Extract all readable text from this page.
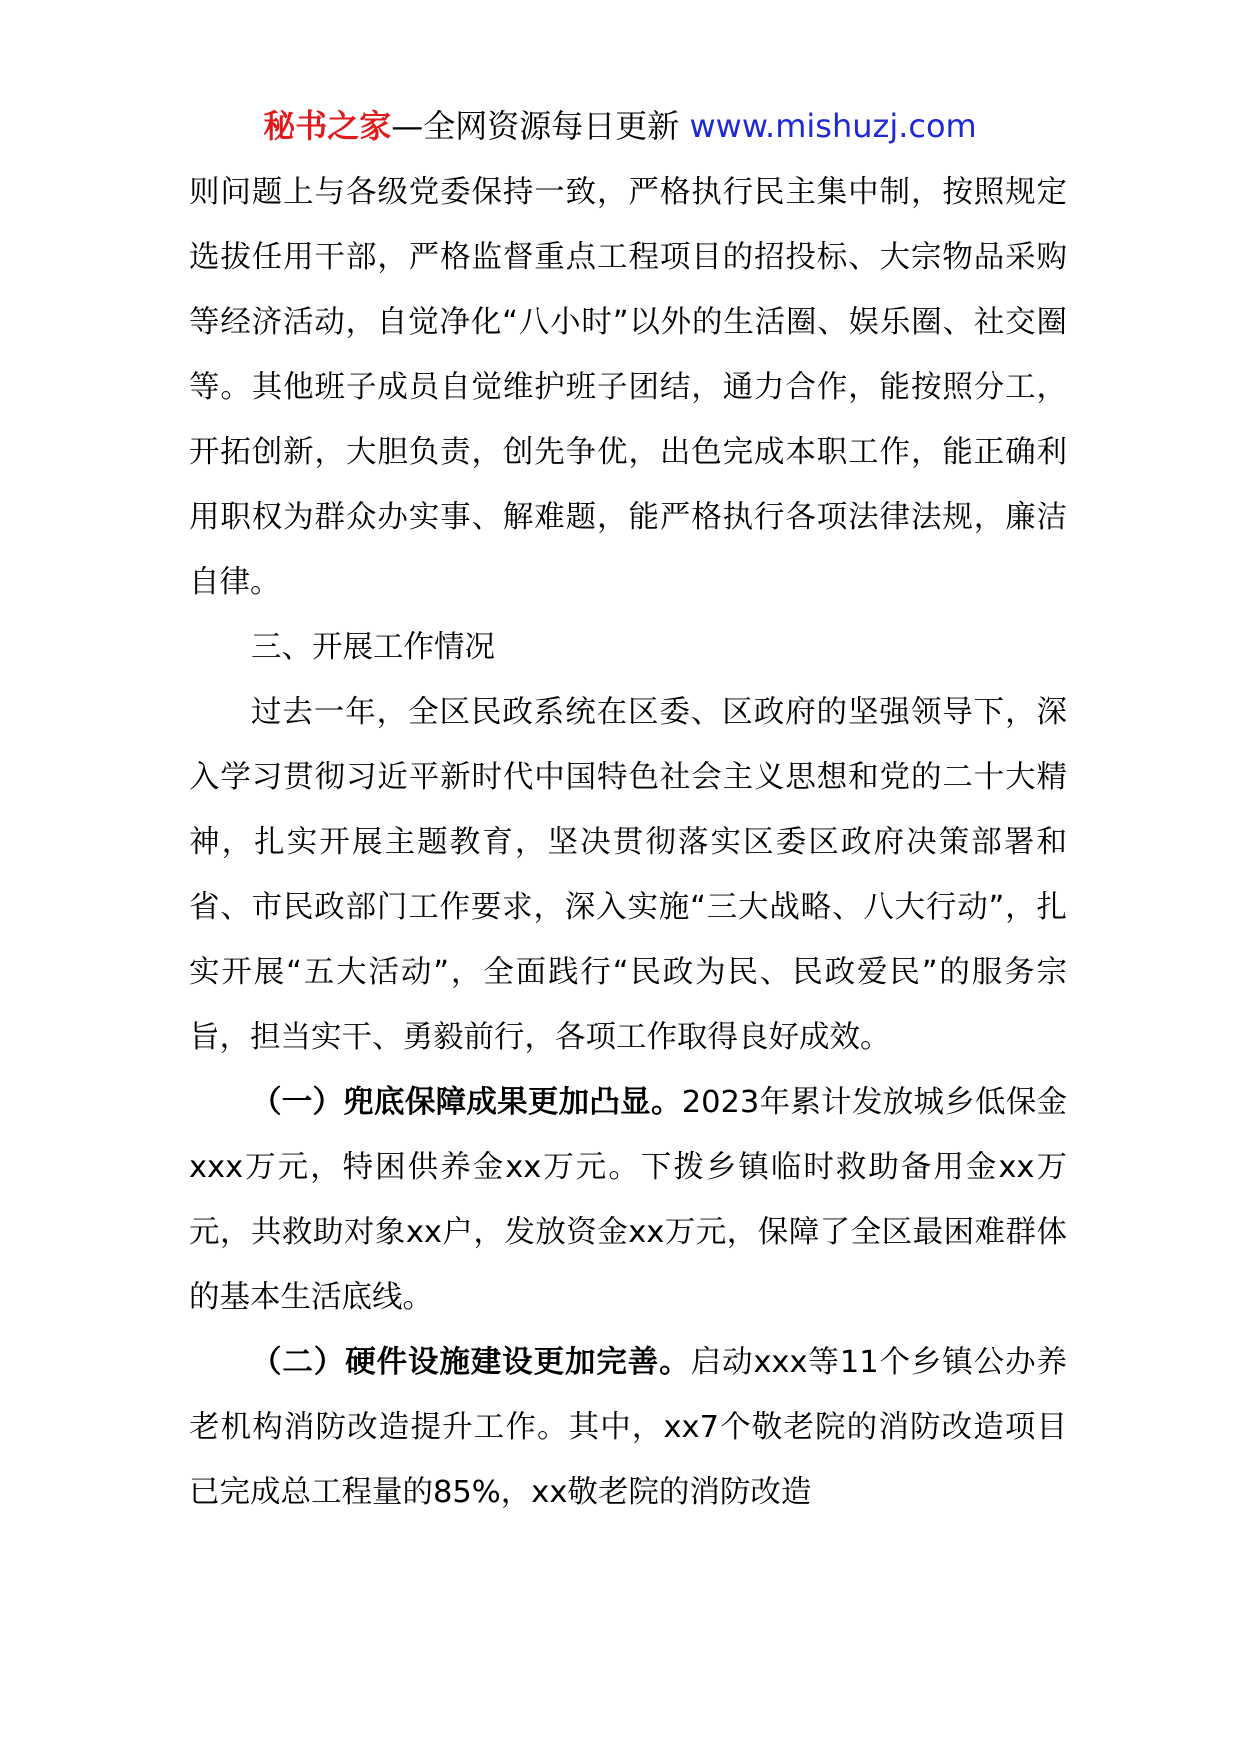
秘书之家—全网资源每日更新 www.mishuzj.com

则问题上与各级党委保持一致，严格执行民主集中制，按照规定选拔任用干部，严格监督重点工程项目的招投标、大宗物品采购等经济活动，自觉净化“八小时”以外的生活圈、娱乐圈、社交圈等。其他班子成员自觉维护班子团结，通力合作，能按照分工，开拓创新，大胆负责，创先争优，出色完成本职工作，能正确利用职权为群众办实事、解难题，能严格执行各项法律法规，廉洁自律。

三、开展工作情况

过去一年，全区民政系统在区委、区政府的坚强领导下，深入学习贯彻习近平新时代中国特色社会主义思想和党的二十大精神，扎实开展主题教育，坚决贯彻落实区委区政府决策部署和省、市民政部门工作要求，深入实施“三大战略、八大行动”，扎实开展“五大活动”，全面践行“民政为民、民政爱民”的服务宗旨，担当实干、勇毅前行，各项工作取得良好成效。

（一）兜底保障成果更加凸显。2023年累计发放城乡低保金xxx万元，特困供养金xx万元。下拨乡镇临时救助备用金xx万元，共救助对象xx户，发放资金xx万元，保障了全区最困难群体的基本生活底线。

（二）硬件设施建设更加完善。启动xxx等11个乡镇公办养老机构消防改造提升工作。其中，xx7个敬老院的消防改造项目已完成总工程量的85%，xx敬老院的消防改造
